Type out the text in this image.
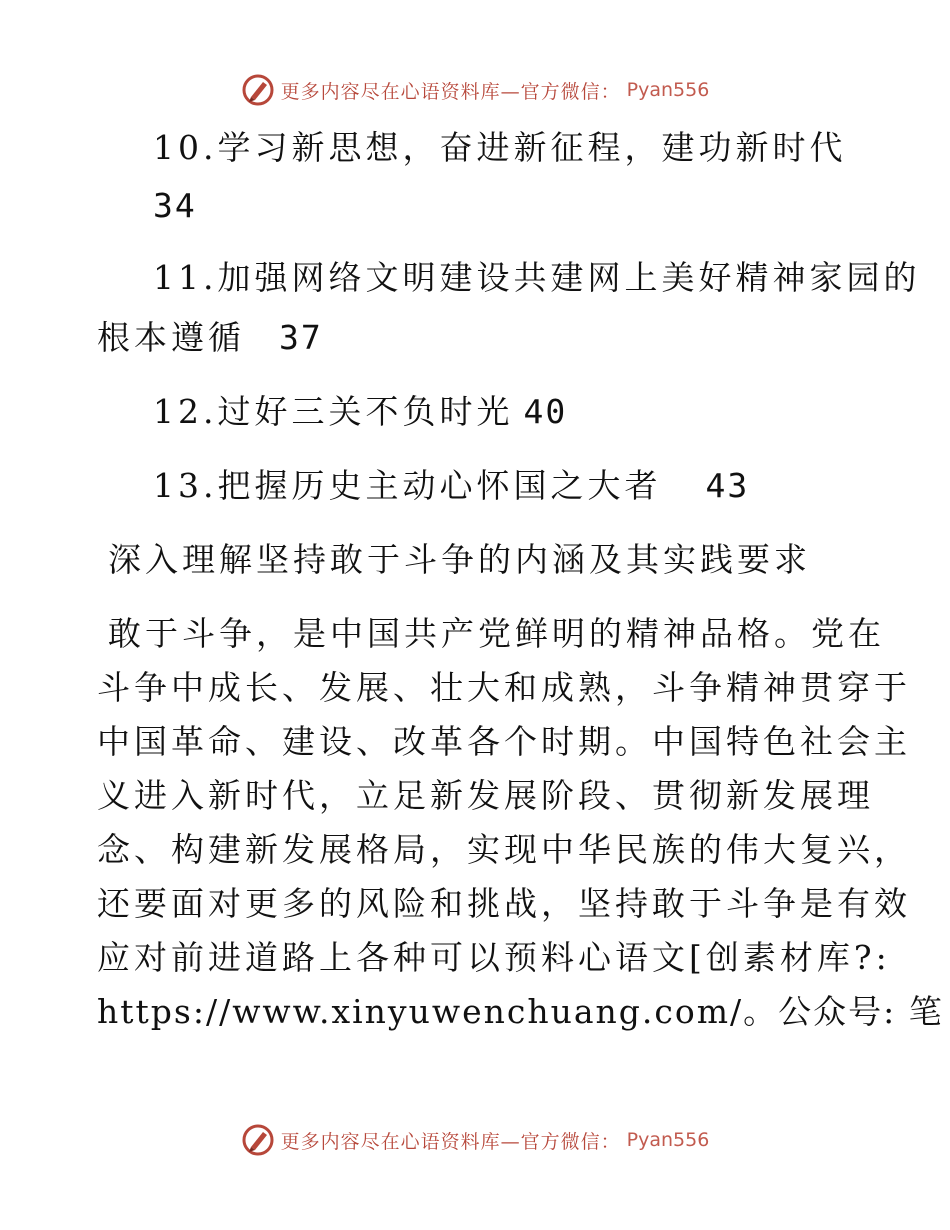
更多内容尽在心语资料库—官方微信： Pyan556
10.学习新思想，奋进新征程，建功新时代
34
11.加强网络文明建设共建网上美好精神家园的
根本遵循 37
12.过好三关不负时光 40
13.把握历史主动心怀国之大者 43
深入理解坚持敢于斗争的内涵及其实践要求
敢于斗争，是中国共产党鲜明的精神品格。党在
斗争中成长、发展、壮大和成熟，斗争精神贯穿于
中国革命、建设、改革各个时期。中国特色社会主
义进入新时代，立足新发展阶段、贯彻新发展理
念、构建新发展格局，实现中华民族的伟大复兴，
还要面对更多的风险和挑战，坚持敢于斗争是有效
应对前进道路上各种可以预料心语文[创素材库?:
https://www.xinyuwenchuang.com/。公众号: 笔
更多内容尽在心语资料库—官方微信： Pyan556
